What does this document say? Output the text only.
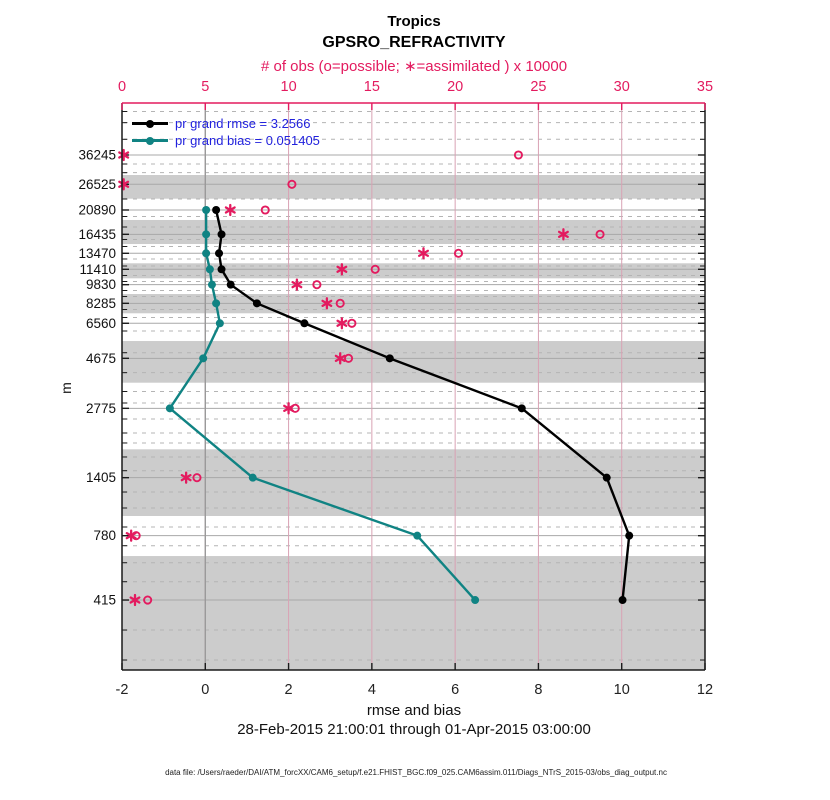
36245
26525
20890
16435
13470
11410
9830
8285
6560
4675
2775
1405
780
415
-2	0	2	4	6	8	10	12
0	5	10	15	20	25	30	35
Tropics
GPSRO_REFRACTIVITY
# of obs (o=possible; ∗=assimilated ) x 10000
pr grand rmse = 3.2566
pr grand bias = 0.051405
m
rmse and bias
28-Feb-2015 21:00:01 through 01-Apr-2015 03:00:00
data file: /Users/raeder/DAI/ATM_forcXX/CAM6_setup/f.e21.FHIST_BGC.f09_025.CAM6assim.011/Diags_NTrS_2015-03/obs_diag_output.nc
